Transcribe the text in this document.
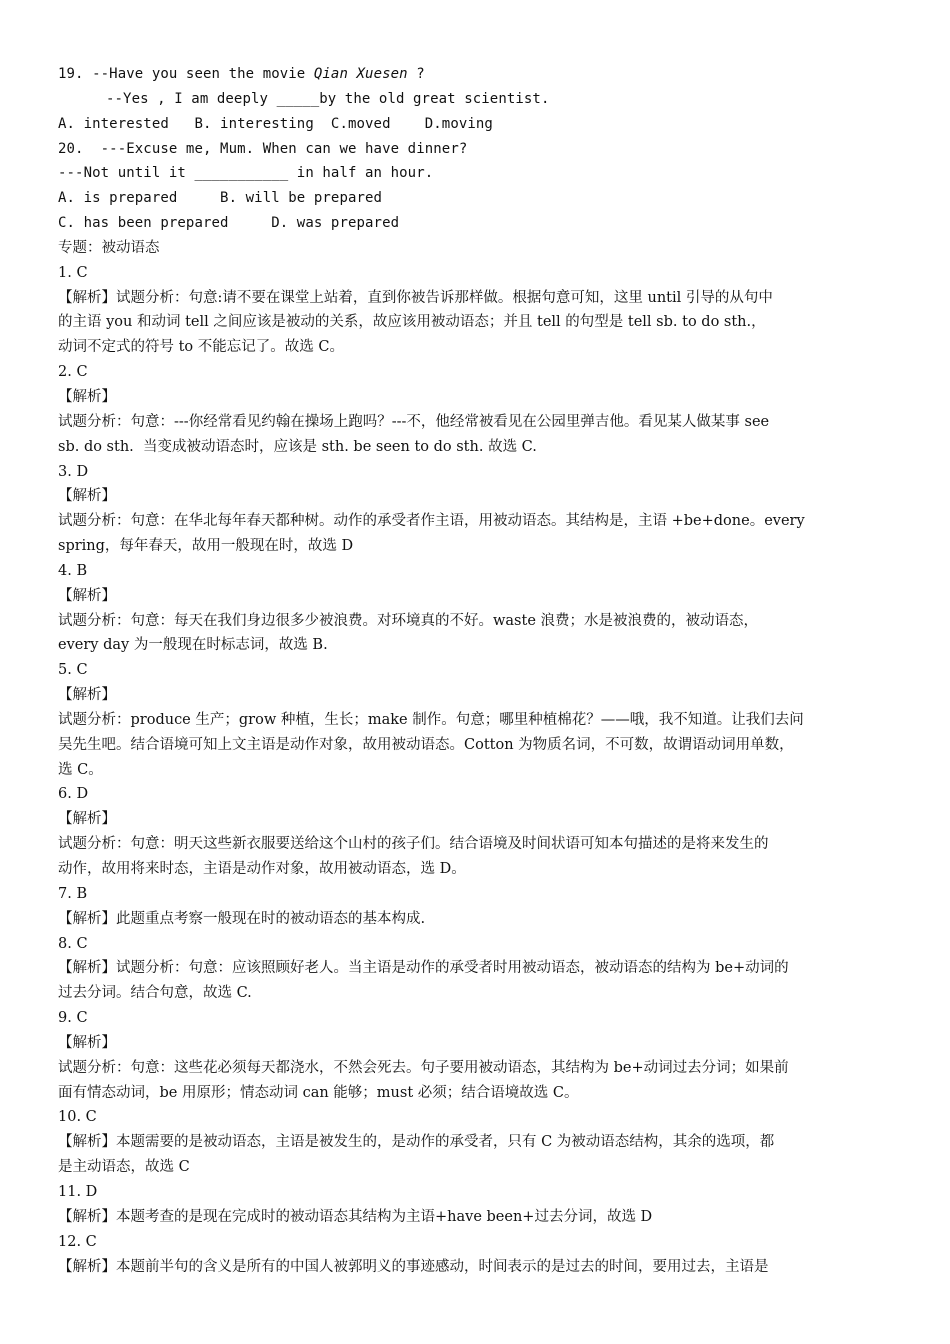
19. --Have you seen the movie Qian Xuesen ?
--Yes , I am deeply _____by the old great scientist.
A. interested   B. interesting  C.moved    D.moving
20.  ---Excuse me, Mum. When can we have dinner?
---Not until it ___________ in half an hour.
A. is prepared     B. will be prepared
C. has been prepared     D. was prepared
专题：被动语态
1. C
【解析】试题分析：句意:请不要在课堂上站着，直到你被告诉那样做。根据句意可知，这里 until 引导的从句中
的主语 you 和动词 tell 之间应该是被动的关系，故应该用被动语态；并且 tell 的句型是 tell sb. to do sth.，
动词不定式的符号 to 不能忘记了。故选 C。
2. C
【解析】
试题分析：句意：---你经常看见约翰在操场上跑吗？---不，他经常被看见在公园里弹吉他。看见某人做某事 see
sb. do sth.  当变成被动语态时，应该是 sth. be seen to do sth. 故选 C.
3. D
【解析】
试题分析：句意：在华北每年春天都种树。动作的承受者作主语，用被动语态。其结构是，主语 +be+done。every
spring，每年春天，故用一般现在时，故选 D
4. B
【解析】
试题分析：句意：每天在我们身边很多少被浪费。对环境真的不好。waste 浪费；水是被浪费的，被动语态，
every day 为一般现在时标志词，故选 B.
5. C
【解析】
试题分析：produce 生产；grow 种植，生长；make 制作。句意；哪里种植棉花？——哦，我不知道。让我们去问
吴先生吧。结合语境可知上文主语是动作对象，故用被动语态。Cotton 为物质名词，不可数，故谓语动词用单数，
选 C。
6. D
【解析】
试题分析：句意：明天这些新衣服要送给这个山村的孩子们。结合语境及时间状语可知本句描述的是将来发生的
动作，故用将来时态，主语是动作对象，故用被动语态，选 D。
7. B
【解析】此题重点考察一般现在时的被动语态的基本构成.
8. C
【解析】试题分析：句意：应该照顾好老人。当主语是动作的承受者时用被动语态，被动语态的结构为 be+动词的
过去分词。结合句意，故选 C.
9. C
【解析】
试题分析：句意：这些花必须每天都浇水，不然会死去。句子要用被动语态，其结构为 be+动词过去分词；如果前
面有情态动词，be 用原形；情态动词 can 能够；must 必须；结合语境故选 C。
10. C
【解析】本题需要的是被动语态，主语是被发生的，是动作的承受者，只有 C 为被动语态结构，其余的选项，都
是主动语态，故选 C
11. D
【解析】本题考查的是现在完成时的被动语态其结构为主语+have been+过去分词，故选 D
12. C
【解析】本题前半句的含义是所有的中国人被郭明义的事迹感动，时间表示的是过去的时间，要用过去，主语是
